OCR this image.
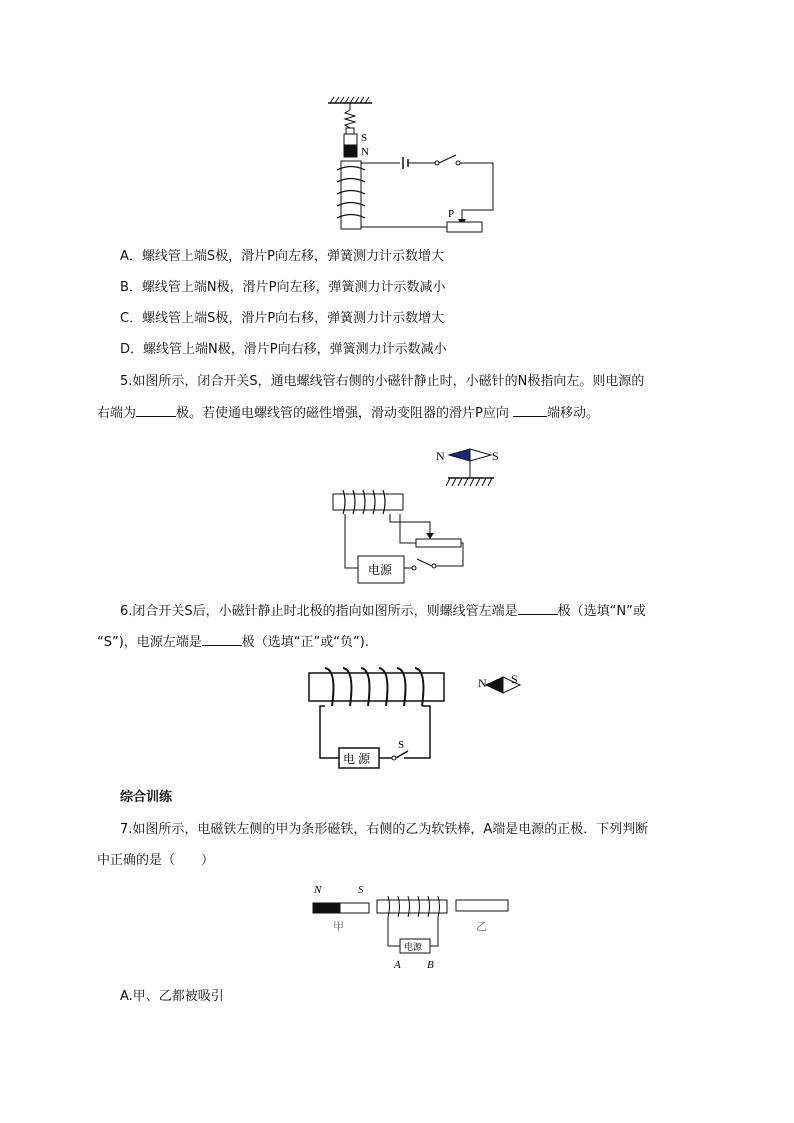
S
N
P
A．螺线管上端S极，滑片P向左移，弹簧测力计示数增大
B．螺线管上端N极，滑片P向左移，弹簧测力计示数减小
C．螺线管上端S极，滑片P向右移，弹簧测力计示数增大
D．螺线管上端N极，滑片P向右移，弹簧测力计示数减小
5.如图所示，闭合开关S，通电螺线管右侧的小磁针静止时，小磁针的N极指向左。则电源的
右端为	极。若使通电螺线管的磁性增强，滑动变阻器的滑片P应向	端移动。
N	S
电源
6.闭合开关S后，小磁针静止时北极的指向如图所示，则螺线管左端是	极（选填“N”或
“S”)，电源左端是	极（选填“正”或“负”).
电 源
S
N S
综合训练
7.如图所示，电磁铁左侧的甲为条形磁铁，右侧的乙为软铁棒，A端是电源的正极．下列判断
中正确的是（　　）
N	S
甲
电源
A B
乙
A.甲、乙都被吸引
